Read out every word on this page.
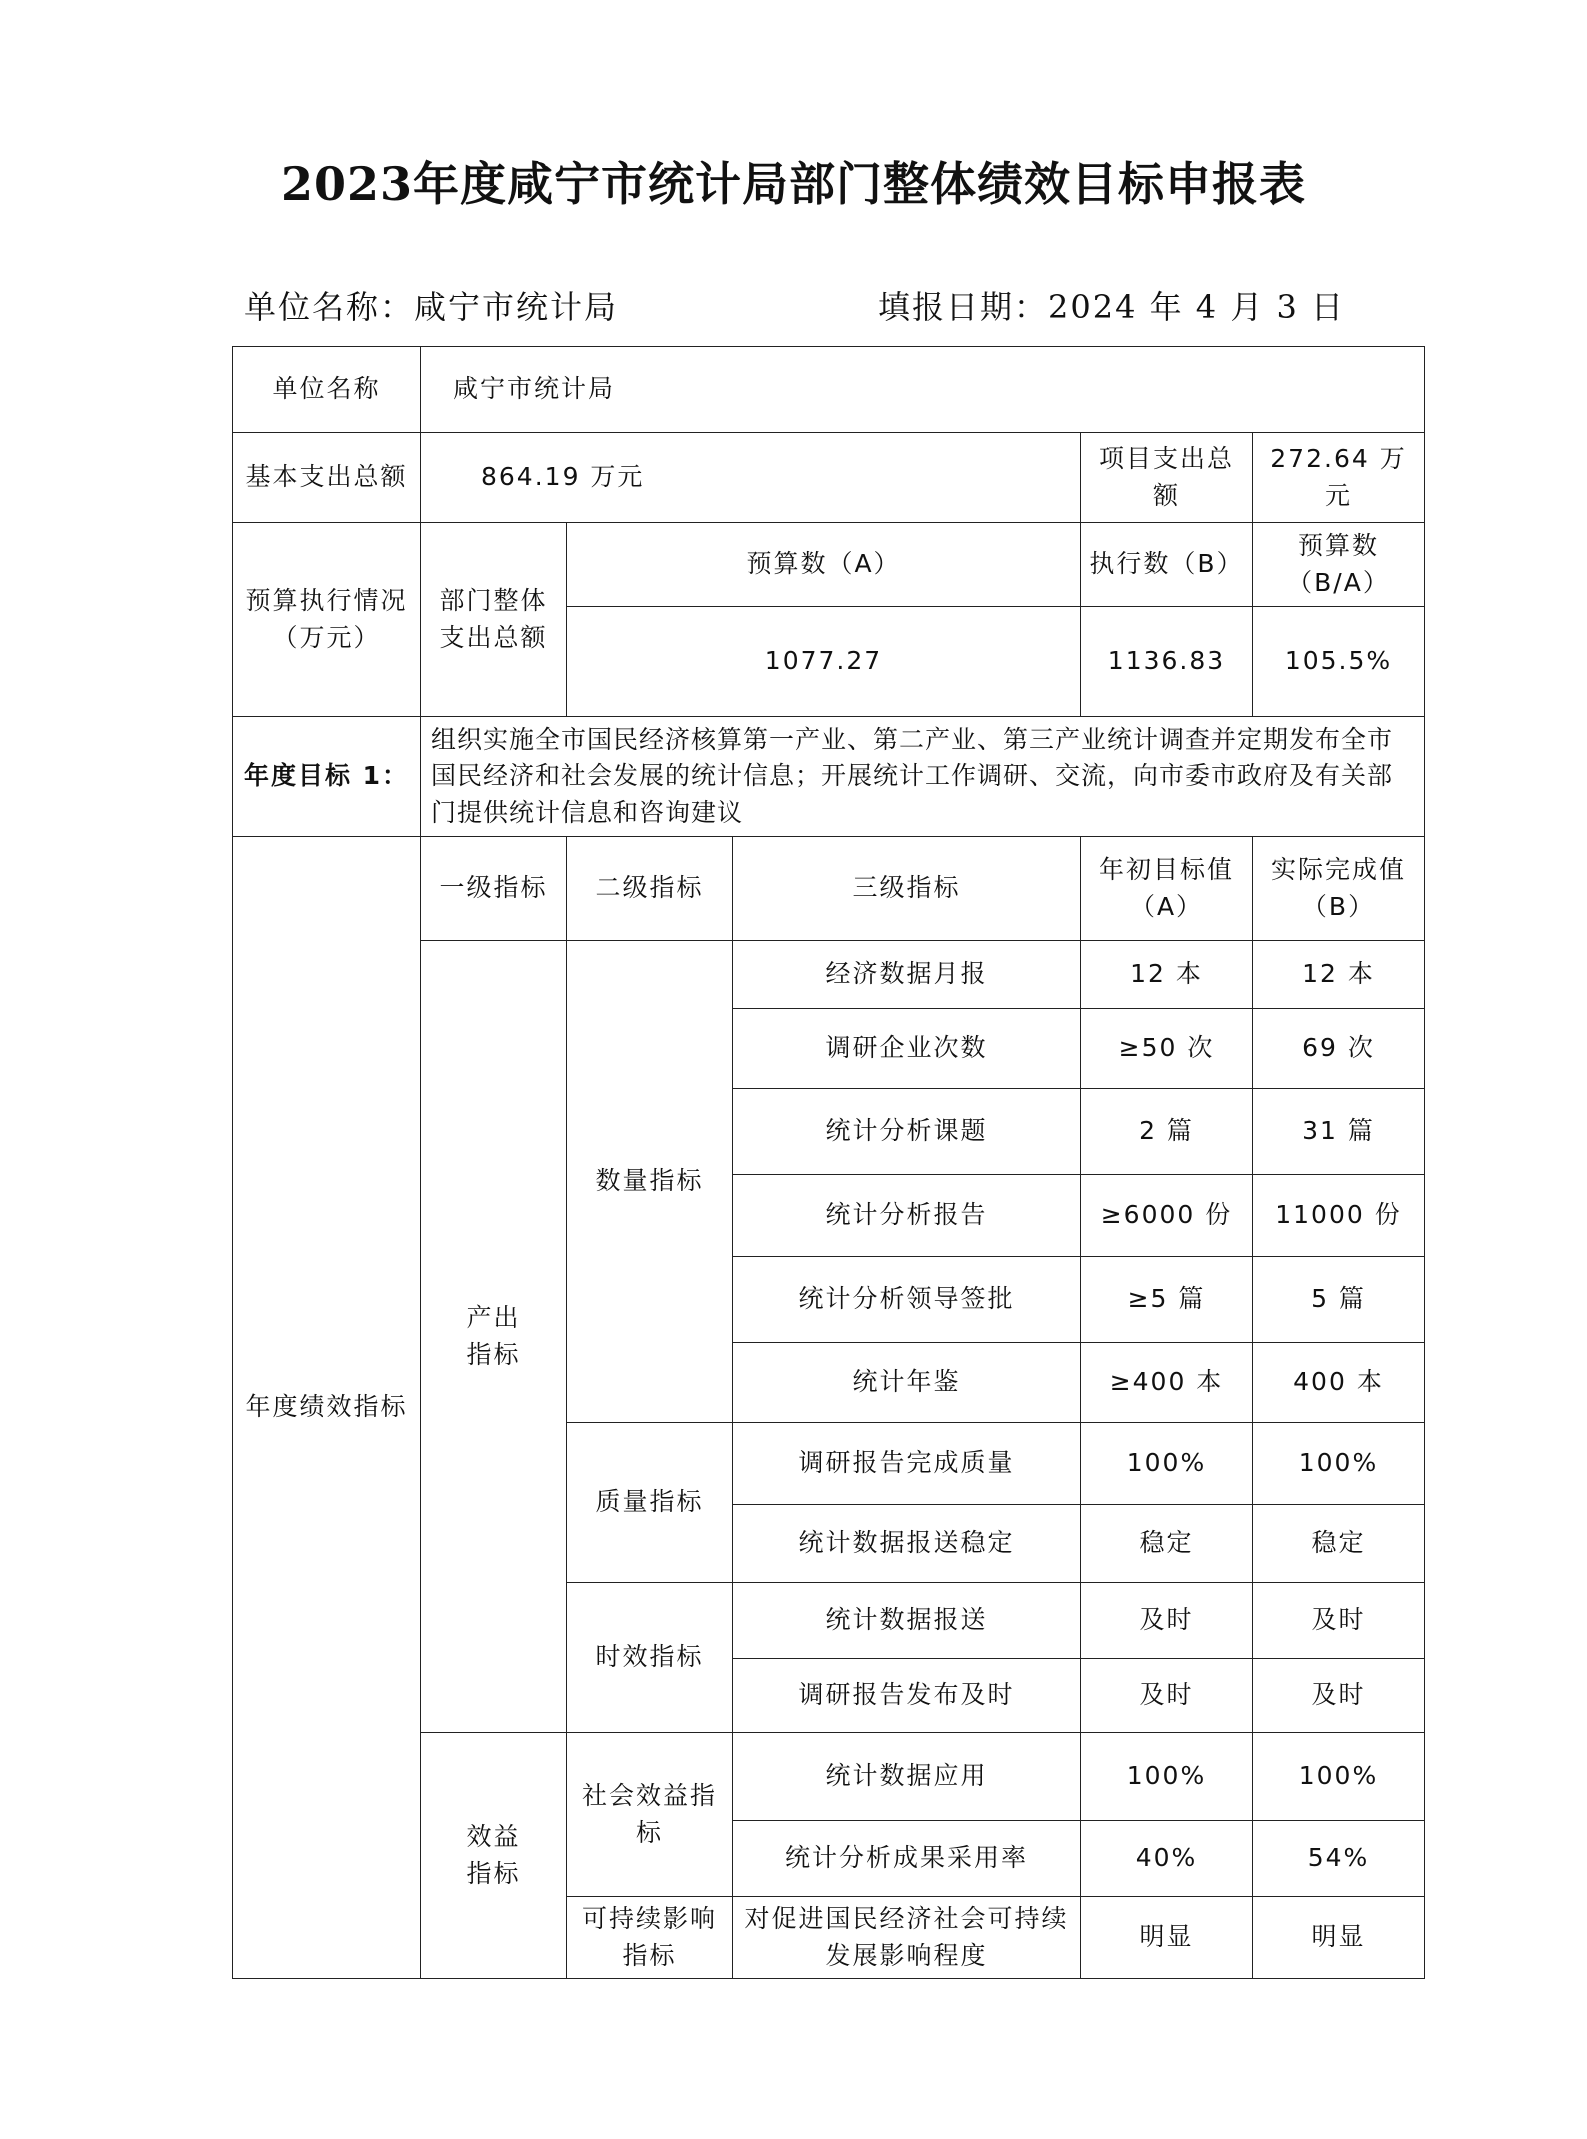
2023年度咸宁市统计局部门整体绩效目标申报表
单位名称：咸宁市统计局	填报日期：2024 年 4 月 3 日
单位名称	咸宁市统计局				
基本支出总额	864.19 万元			项目支出总额	272.64 万元
预算执行情况（万元）	部门整体支出总额	预算数（A）		执行数（B）	预算数（B/A）
		1077.27		1136.83	105.5%
年度目标 1：	组织实施全市国民经济核算第一产业、第二产业、第三产业统计调查并定期发布全市国民经济和社会发展的统计信息；开展统计工作调研、交流，向市委市政府及有关部门提供统计信息和咨询建议				
年度绩效指标	一级指标	二级指标	三级指标	年初目标值（A）	实际完成值（B）
	产出指标	数量指标	经济数据月报	12 本	12 本
			调研企业次数	≥50 次	69 次
			统计分析课题	2 篇	31 篇
			统计分析报告	≥6000 份	11000 份
			统计分析领导签批	≥5 篇	5 篇
			统计年鉴	≥400 本	400 本
		质量指标	调研报告完成质量	100%	100%
			统计数据报送稳定	稳定	稳定
		时效指标	统计数据报送	及时	及时
			调研报告发布及时	及时	及时
	效益指标	社会效益指标	统计数据应用	100%	100%
			统计分析成果采用率	40%	54%
		可持续影响指标	对促进国民经济社会可持续发展影响程度	明显	明显
